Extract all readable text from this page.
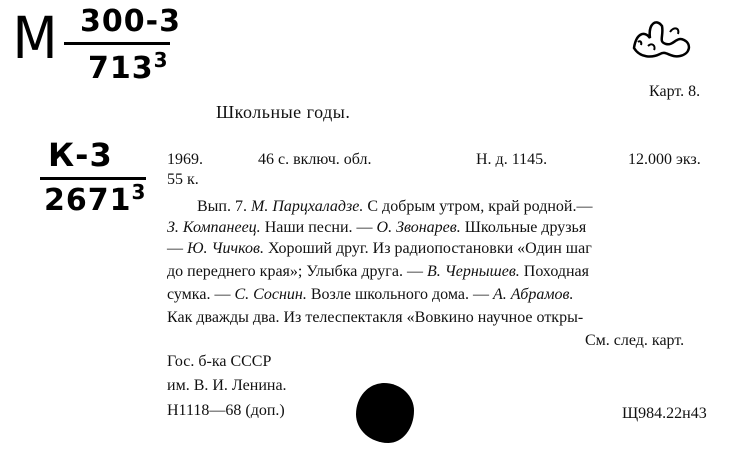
М 300-3
$713^3$
К-3
2671$^3$
Карт. 8.
Школьные годы.
1969.	46 с. включ. обл.	Н. д. 1145.	12.000 экз.
55 к.
Вып. 7. М. Парцхаладзе. С добрым утром, край родной.—
З. Компанеец. Наши песни. — О. Звонарев. Школьные друзья
— Ю. Чичков. Хороший друг. Из радиопостановки «Один шаг
до переднего края»; Улыбка друга. — В. Чернышев. Походная
сумка. — С. Соснин. Возле школьного дома. — А. Абрамов.
Как дважды два. Из телеспектакля «Вовкино научное откры-
См. след. карт.
Гос. б-ка СССР
им. В. И. Ленина.
Н1118—68 (доп.)	Щ984.22н43
